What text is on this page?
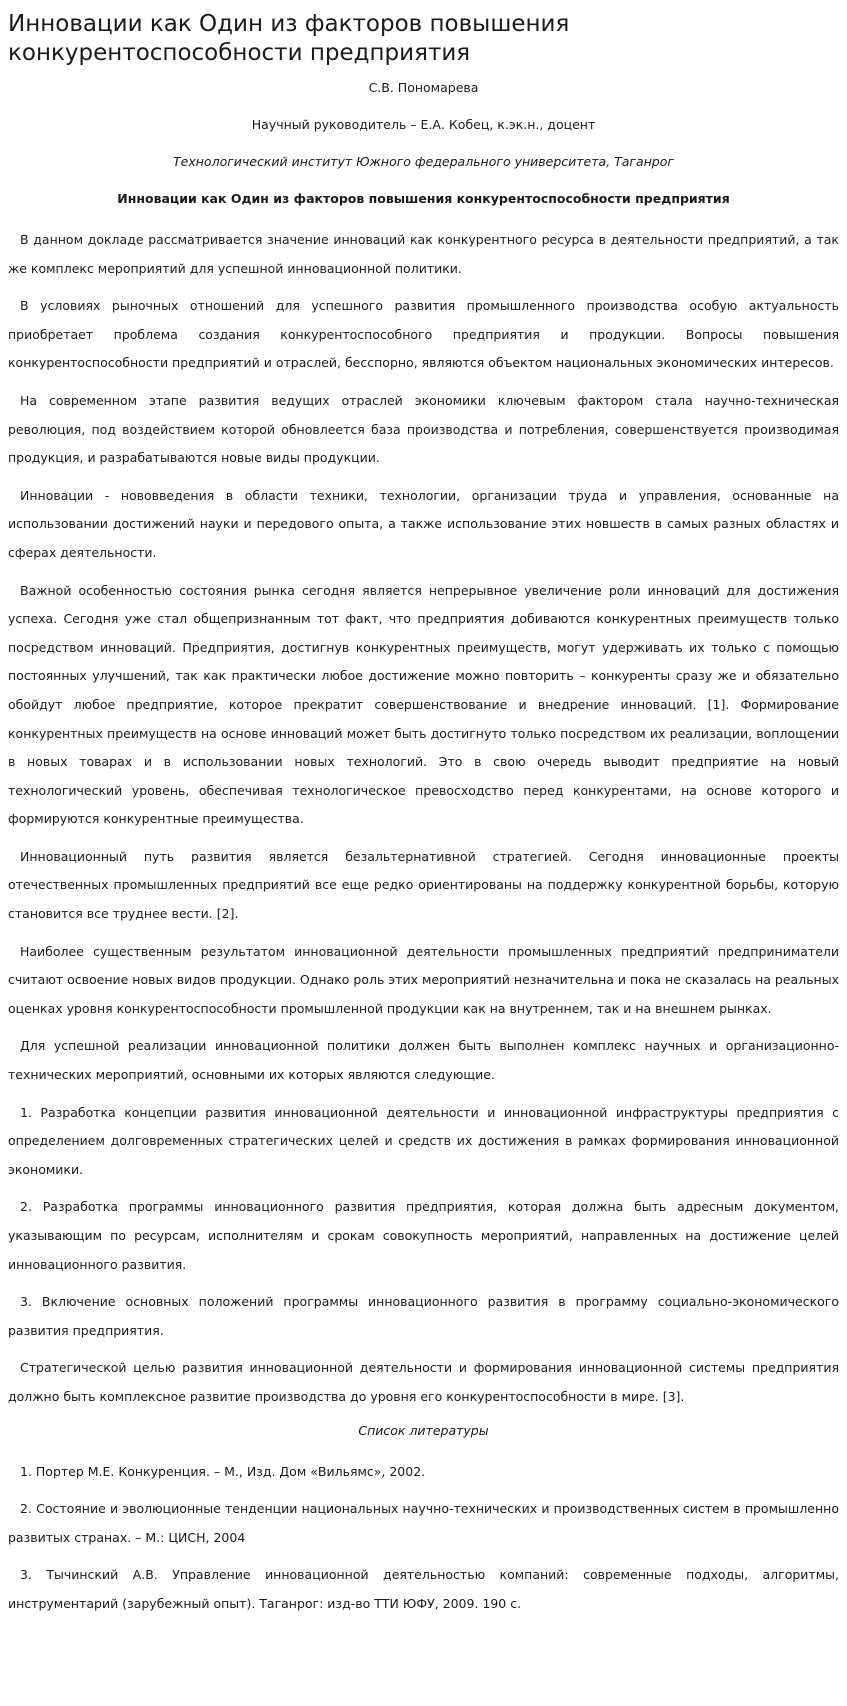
Инновации как Один из факторов повышения конкурентоспособности предприятия

С.В. Пономарева

Научный руководитель – Е.А. Кобец, к.эк.н., доцент

Технологический институт Южного федерального университета, Таганрог

Инновации как Один из факторов повышения конкурентоспособности предприятия

В данном докладе рассматривается значение инноваций как конкурентного ресурса в деятельности предприятий, а так же комплекс мероприятий для успешной инновационной политики.

В условиях рыночных отношений для успешного развития промышленного производства особую актуальность приобретает проблема создания конкурентоспособного предприятия и продукции. Вопросы повышения конкурентоспособности предприятий и отраслей, бесспорно, являются объектом национальных экономических интересов.

На современном этапе развития ведущих отраслей экономики ключевым фактором стала научно-техническая революция, под воздействием которой обновлеется база производства и потребления, совершенствуется производимая продукция, и разрабатываются новые виды продукции.

Инновации - нововведения в области техники, технологии, организации труда и управления, основанные на использовании достижений науки и передового опыта, а также использование этих новшеств в самых разных областях и сферах деятельности.

Важной особенностью состояния рынка сегодня является непрерывное увеличение роли инноваций для достижения успеха. Сегодня уже стал общепризнанным тот факт, что предприятия добиваются конкурентных преимуществ только посредством инноваций. Предприятия, достигнув конкурентных преимуществ, могут удерживать их только с помощью постоянных улучшений, так как практически любое достижение можно повторить – конкуренты сразу же и обязательно обойдут любое предприятие, которое прекратит совершенствование и внедрение инноваций. [1]. Формирование конкурентных преимуществ на основе инноваций может быть достигнуто только посредством их реализации, воплощении в новых товарах и в использовании новых технологий. Это в свою очередь выводит предприятие на новый технологический уровень, обеспечивая технологическое превосходство перед конкурентами, на основе которого и формируются конкурентные преимущества.

Инновационный путь развития является безальтернативной стратегией. Сегодня инновационные проекты отечественных промышленных предприятий все еще редко ориентированы на поддержку конкурентной борьбы, которую становится все труднее вести. [2].

Наиболее существенным результатом инновационной деятельности промышленных предприятий предприниматели считают освоение новых видов продукции. Однако роль этих мероприятий незначительна и пока не сказалась на реальных оценках уровня конкурентоспособности промышленной продукции как на внутреннем, так и на внешнем рынках.

Для успешной реализации инновационной политики должен быть выполнен комплекс научных и организационно-технических мероприятий, основными их которых являются следующие.

1. Разработка концепции развития инновационной деятельности и инновационной инфраструктуры предприятия с определением долговременных стратегических целей и средств их достижения в рамках формирования инновационной экономики.

2. Разработка программы инновационного развития предприятия, которая должна быть адресным документом, указывающим по ресурсам, исполнителям и срокам совокупность мероприятий, направленных на достижение целей инновационного развития.

3. Включение основных положений программы инновационного развития в программу социально-экономического развития предприятия.

Стратегической целью развития инновационной деятельности и формирования инновационной системы предприятия должно быть комплексное развитие производства до уровня его конкурентоспособности в мире. [3].

Список литературы

1. Портер М.Е. Конкуренция. – М., Изд. Дом «Вильямс», 2002.

2. Состояние и эволюционные тенденции национальных научно-технических и производственных систем в промышленно развитых странах. – М.: ЦИСН, 2004

3. Тычинский А.В. Управление инновационной деятельностью компаний: современные подходы, алгоритмы, инструментарий (зарубежный опыт). Таганрог: изд-во ТТИ ЮФУ, 2009. 190 с.
